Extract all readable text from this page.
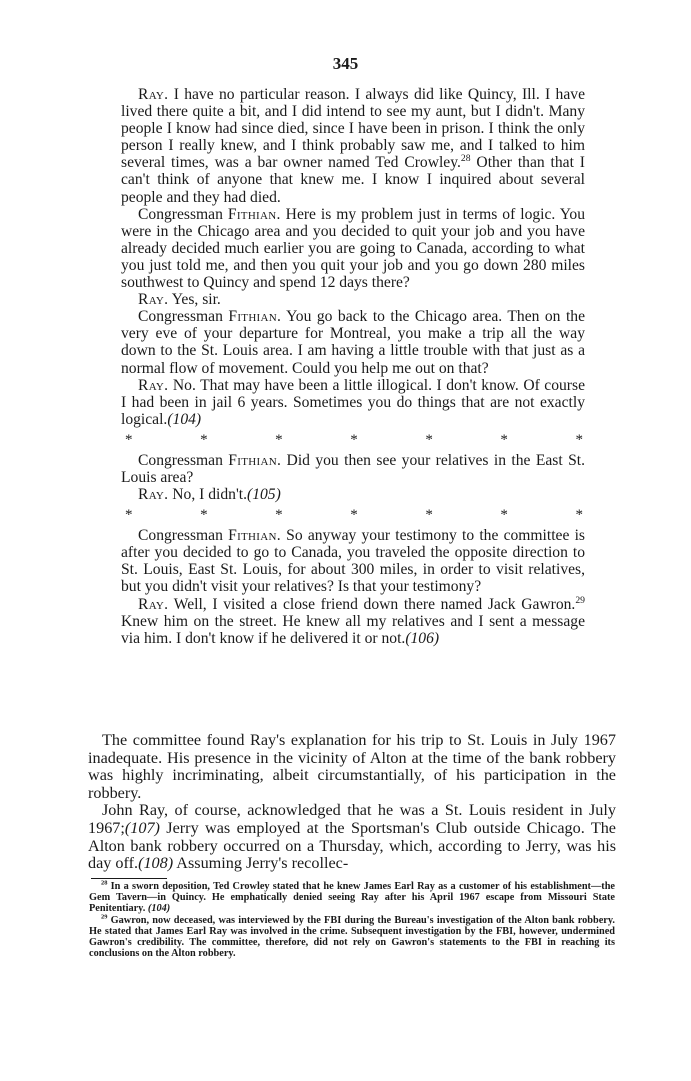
345

Ray. I have no particular reason. I always did like Quincy, Ill. I have lived there quite a bit, and I did intend to see my aunt, but I didn't. Many people I know had since died, since I have been in prison. I think the only person I really knew, and I think probably saw me, and I talked to him several times, was a bar owner named Ted Crowley.$^{28}$ Other than that I can't think of anyone that knew me. I know I inquired about several people and they had died.

Congressman Fithian. Here is my problem just in terms of logic. You were in the Chicago area and you decided to quit your job and you have already decided much earlier you are going to Canada, according to what you just told me, and then you quit your job and you go down 280 miles southwest to Quincy and spend 12 days there?

Ray. Yes, sir.

Congressman Fithian. You go back to the Chicago area. Then on the very eve of your departure for Montreal, you make a trip all the way down to the St. Louis area. I am having a little trouble with that just as a normal flow of movement. Could you help me out on that?

Ray. No. That may have been a little illogical. I don't know. Of course I had been in jail 6 years. Sometimes you do things that are not exactly logical.(104)

*	*	*	*	*	*	*

Congressman Fithian. Did you then see your relatives in the East St. Louis area?

Ray. No, I didn't.(105)

*	*	*	*	*	*	*

Congressman Fithian. So anyway your testimony to the committee is after you decided to go to Canada, you traveled the opposite direction to St. Louis, East St. Louis, for about 300 miles, in order to visit relatives, but you didn't visit your relatives? Is that your testimony?

Ray. Well, I visited a close friend down there named Jack Gawron.$^{29}$ Knew him on the street. He knew all my relatives and I sent a message via him. I don't know if he delivered it or not.(106)

The committee found Ray's explanation for his trip to St. Louis in July 1967 inadequate. His presence in the vicinity of Alton at the time of the bank robbery was highly incriminating, albeit circumstantially, of his participation in the robbery.

John Ray, of course, acknowledged that he was a St. Louis resident in July 1967;(107) Jerry was employed at the Sportsman's Club outside Chicago. The Alton bank robbery occurred on a Thursday, which, according to Jerry, was his day off.(108) Assuming Jerry's recollec-

$^{28}$ In a sworn deposition, Ted Crowley stated that he knew James Earl Ray as a customer of his establishment—the Gem Tavern—in Quincy. He emphatically denied seeing Ray after his April 1967 escape from Missouri State Penitentiary. (104)

$^{29}$ Gawron, now deceased, was interviewed by the FBI during the Bureau's investigation of the Alton bank robbery. He stated that James Earl Ray was involved in the crime. Subsequent investigation by the FBI, however, undermined Gawron's credibility. The committee, therefore, did not rely on Gawron's statements to the FBI in reaching its conclusions on the Alton robbery.
